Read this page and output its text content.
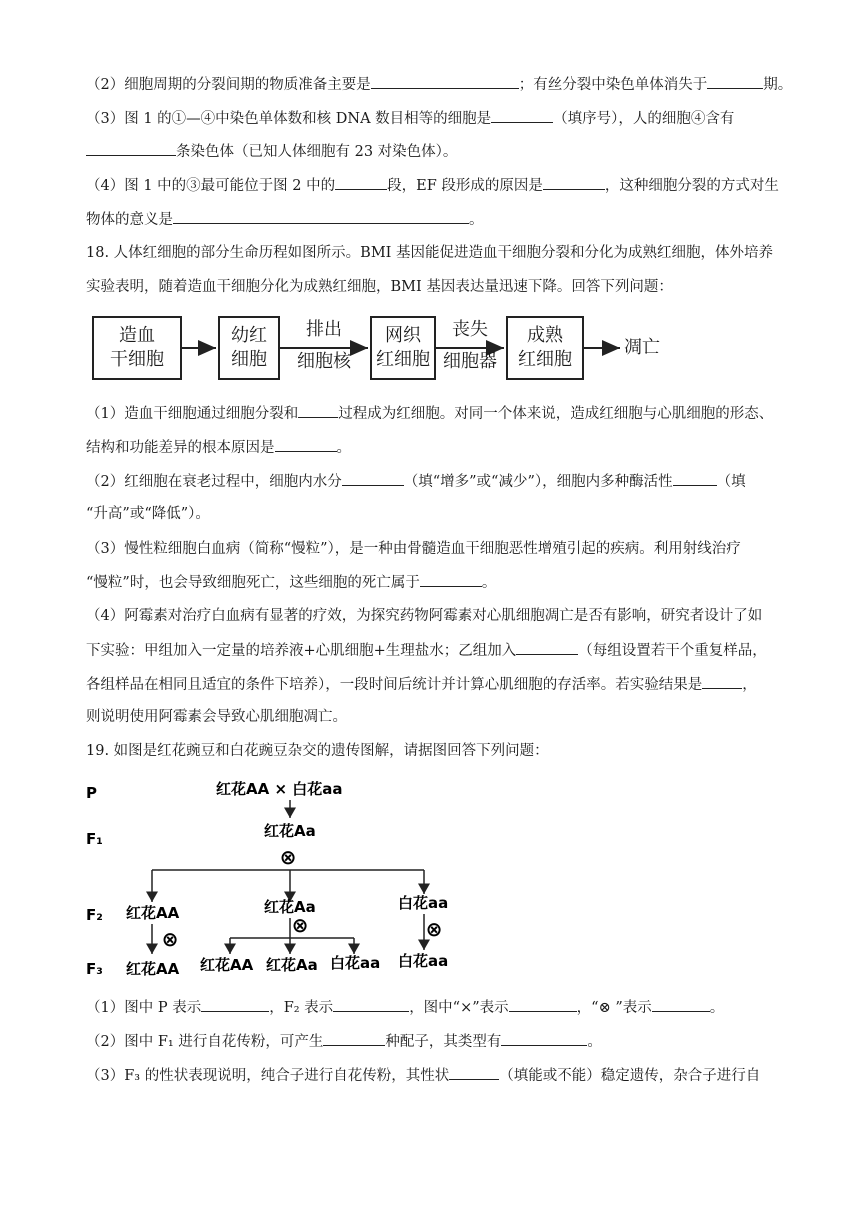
（2）细胞周期的分裂间期的物质准备主要是	；有丝分裂中染色单体消失于	期。
（3）图 1 的①—④中染色单体数和核 DNA 数目相等的细胞是	（填序号），人的细胞④含有
条染色体（已知人体细胞有 23 对染色体）。
（4）图 1 中的③最可能位于图 2 中的	段，EF 段形成的原因是	，这种细胞分裂的方式对生
物体的意义是	。
18. 人体红细胞的部分生命历程如图所示。BMI 基因能促进造血干细胞分裂和分化为成熟红细胞，体外培养
实验表明，随着造血干细胞分化为成熟红细胞，BMI 基因表达量迅速下降。回答下列问题：
造血
干细胞
幼红
细胞
排出
细胞核
网织
红细胞
丧失
细胞器
成熟
红细胞
凋亡
（1）造血干细胞通过细胞分裂和	过程成为红细胞。对同一个体来说，造成红细胞与心肌细胞的形态、
结构和功能差异的根本原因是	。
（2）红细胞在衰老过程中，细胞内水分	（填“增多”或“减少”），细胞内多种酶活性	（填
“升高”或“降低”）。
（3）慢性粒细胞白血病（简称“慢粒”），是一种由骨髓造血干细胞恶性增殖引起的疾病。利用射线治疗
“慢粒”时，也会导致细胞死亡，这些细胞的死亡属于	。
（4）阿霉素对治疗白血病有显著的疗效，为探究药物阿霉素对心肌细胞凋亡是否有影响，研究者设计了如
下实验：甲组加入一定量的培养液+心肌细胞+生理盐水；乙组加入	（每组设置若干个重复样品，
各组样品在相同且适宜的条件下培养），一段时间后统计并计算心肌细胞的存活率。若实验结果是	，
则说明使用阿霉素会导致心肌细胞凋亡。
19. 如图是红花豌豆和白花豌豆杂交的遗传图解，请据图回答下列问题：
P
F₁
F₂
F₃
红花AA × 白花aa
红花Aa
⊗
红花AA	红花Aa	白花aa
⊗
⊗	⊗
红花AA 红花AA 红花Aa 白花aa 白花aa
（1）图中 P 表示	，F₂ 表示	，图中“×”表示	，“⊗ ”表示	。
（2）图中 F₁ 进行自花传粉，可产生	种配子，其类型有	。
（3）F₃ 的性状表现说明，纯合子进行自花传粉，其性状	（填能或不能）稳定遗传，杂合子进行自
